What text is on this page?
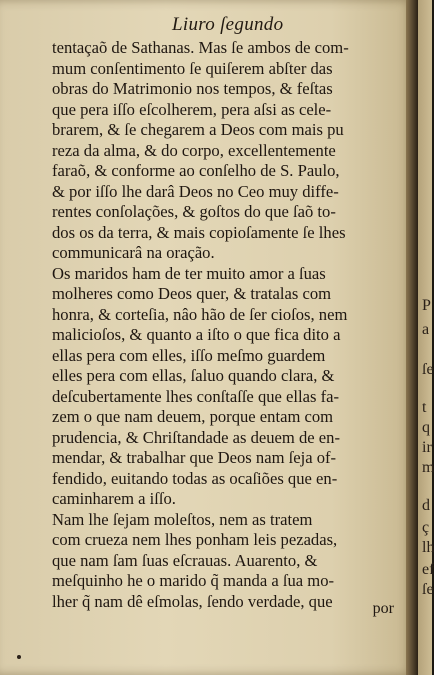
Liuro ſegundo
tentaçaõ de Sathanas. Mas ſe ambos de com-
mum conſentimento ſe quiſerem abſter das
obras do Matrimonio nos tempos, & feſtas
que pera iſſo eſcolherem, pera aſsi as cele-
brarem, & ſe chegarem a Deos com mais pu
reza da alma, & do corpo, excellentemente
faraõ, & conforme ao conſelho de S. Paulo,
& por iſſo lhe darâ Deos no Ceo muy diffe-
rentes conſolações, & goſtos do que ſaõ to-
dos os da terra, & mais copioſamente ſe lhes
communicarâ na oração.
Os maridos ham de ter muito amor a ſuas
molheres como Deos quer, & tratalas com
honra, & corteſia, nâo hão de ſer cioſos, nem
malicioſos, & quanto a iſto o que fica dito a
ellas pera com elles, iſſo meſmo guardem
elles pera com ellas, ſaluo quando clara, &
deſcubertamente lhes conſtaſſe que ellas fa-
zem o que nam deuem, porque entam com
prudencia, & Chriſtandade as deuem de en-
mendar, & trabalhar que Deos nam ſeja of-
fendido, euitando todas as ocaſiões que en-
caminharem a iſſo.
Nam lhe ſejam moleſtos, nem as tratem
com crueza nem lhes ponham leis pezadas,
que nam ſam ſuas eſcrauas. Auarento, &
meſquinho he o marido q̃ manda a ſua mo-
lher q̃ nam dê eſmolas, ſendo verdade, que	por
P
a
ſe
t
q
ir
m
d
ç
lh
ef
ſe
